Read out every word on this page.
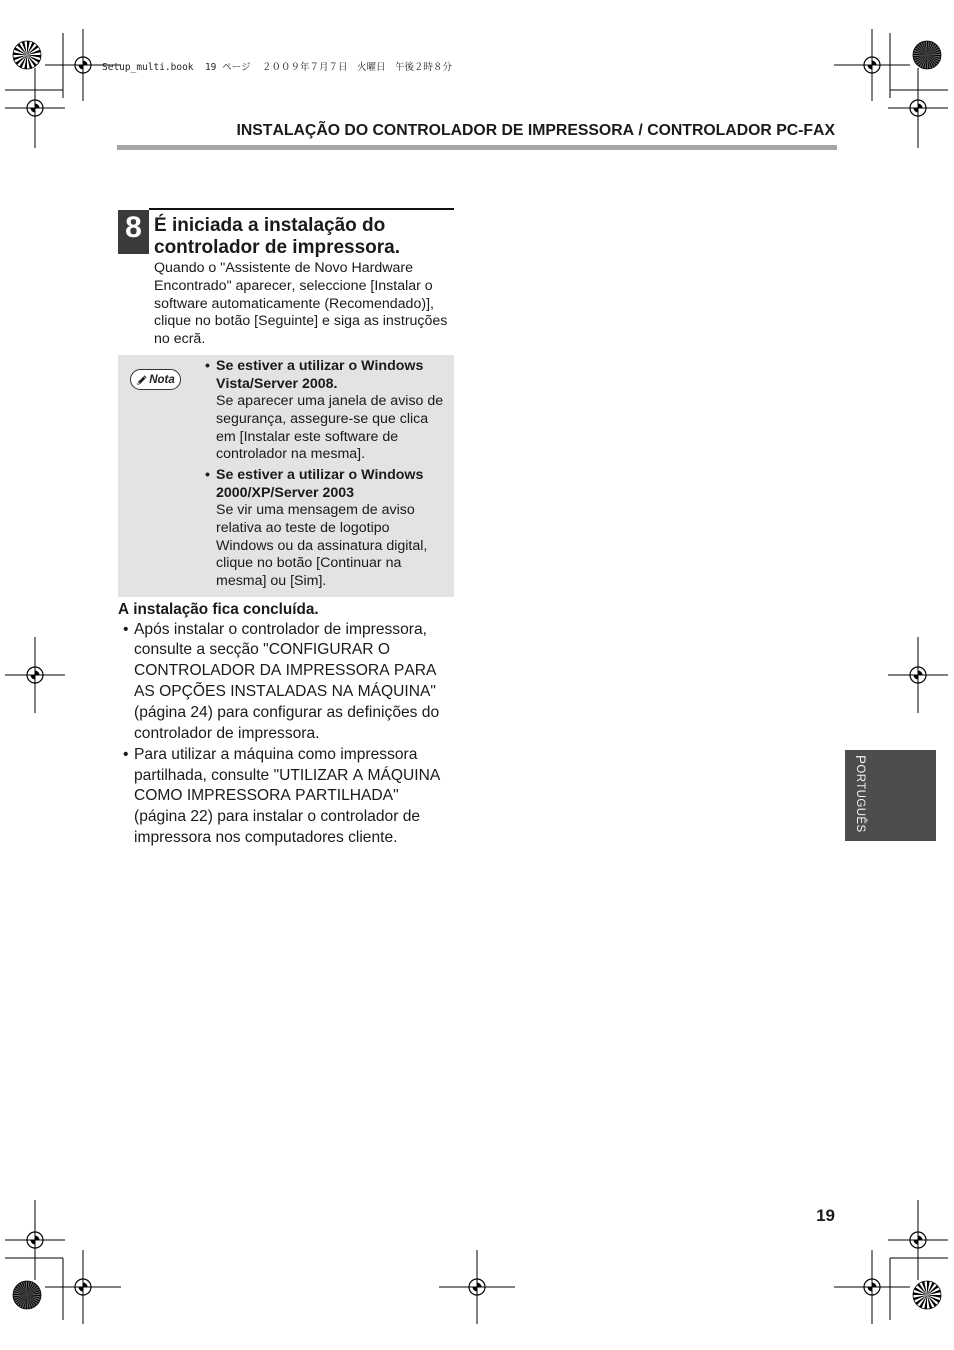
Setup_multi.book  19 ページ  ２００９年７月７日　火曜日　午後２時８分
INSTALAÇÃO DO CONTROLADOR DE IMPRESSORA / CONTROLADOR PC-FAX
8 É iniciada a instalação do controlador de impressora.
Quando o "Assistente de Novo Hardware Encontrado" aparecer, seleccione [Instalar o software automaticamente (Recomendado)], clique no botão [Seguinte] e siga as instruções no ecrã.
Nota
• Se estiver a utilizar o Windows Vista/Server 2008.
Se aparecer uma janela de aviso de segurança, assegure-se que clica em [Instalar este software de controlador na mesma].
• Se estiver a utilizar o Windows 2000/XP/Server 2003
Se vir uma mensagem de aviso relativa ao teste de logotipo Windows ou da assinatura digital, clique no botão [Continuar na mesma] ou [Sim].
A instalação fica concluída.
• Após instalar o controlador de impressora, consulte a secção "CONFIGURAR O CONTROLADOR DA IMPRESSORA PARA AS OPÇÕES INSTALADAS NA MÁQUINA" (página 24) para configurar as definições do controlador de impressora.
• Para utilizar a máquina como impressora partilhada, consulte "UTILIZAR A MÁQUINA COMO IMPRESSORA PARTILHADA" (página 22) para instalar o controlador de impressora nos computadores cliente.
PORTUGUÊS
19
